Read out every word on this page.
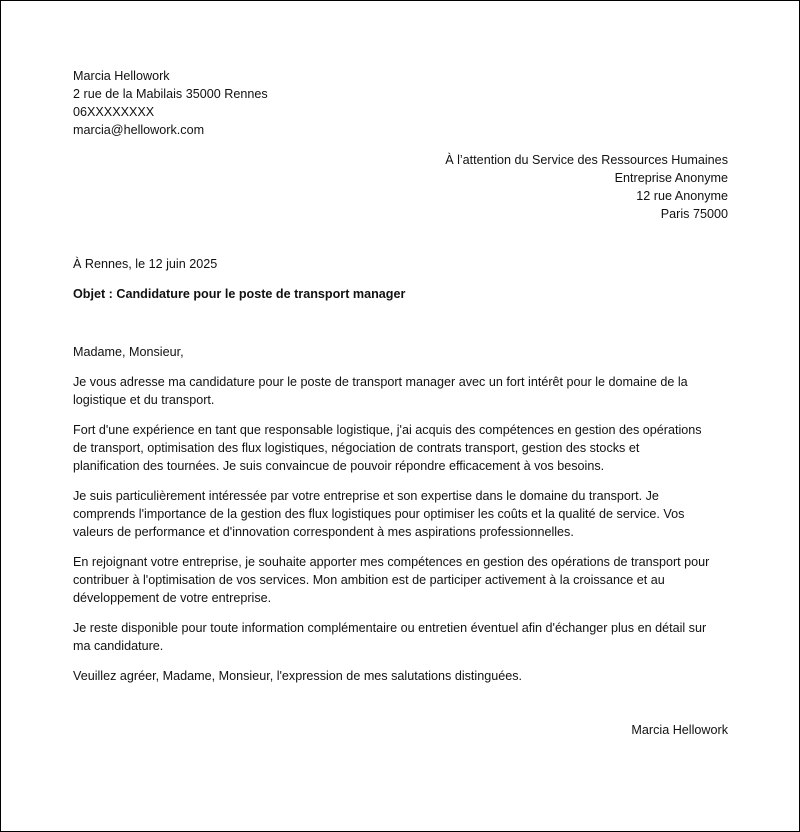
Marcia Hellowork
2 rue de la Mabilais 35000 Rennes
06XXXXXXXX
marcia@hellowork.com
À l’attention du Service des Ressources Humaines
Entreprise Anonyme
12 rue Anonyme
Paris 75000
À Rennes, le 12 juin 2025
Objet : Candidature pour le poste de transport manager
Madame, Monsieur,
Je vous adresse ma candidature pour le poste de transport manager avec un fort intérêt pour le domaine de la
logistique et du transport.
Fort d'une expérience en tant que responsable logistique, j'ai acquis des compétences en gestion des opérations
de transport, optimisation des flux logistiques, négociation de contrats transport, gestion des stocks et
planification des tournées. Je suis convaincue de pouvoir répondre efficacement à vos besoins.
Je suis particulièrement intéressée par votre entreprise et son expertise dans le domaine du transport. Je
comprends l'importance de la gestion des flux logistiques pour optimiser les coûts et la qualité de service. Vos
valeurs de performance et d'innovation correspondent à mes aspirations professionnelles.
En rejoignant votre entreprise, je souhaite apporter mes compétences en gestion des opérations de transport pour
contribuer à l'optimisation de vos services. Mon ambition est de participer activement à la croissance et au
développement de votre entreprise.
Je reste disponible pour toute information complémentaire ou entretien éventuel afin d'échanger plus en détail sur
ma candidature.
Veuillez agréer, Madame, Monsieur, l'expression de mes salutations distinguées.
Marcia Hellowork
